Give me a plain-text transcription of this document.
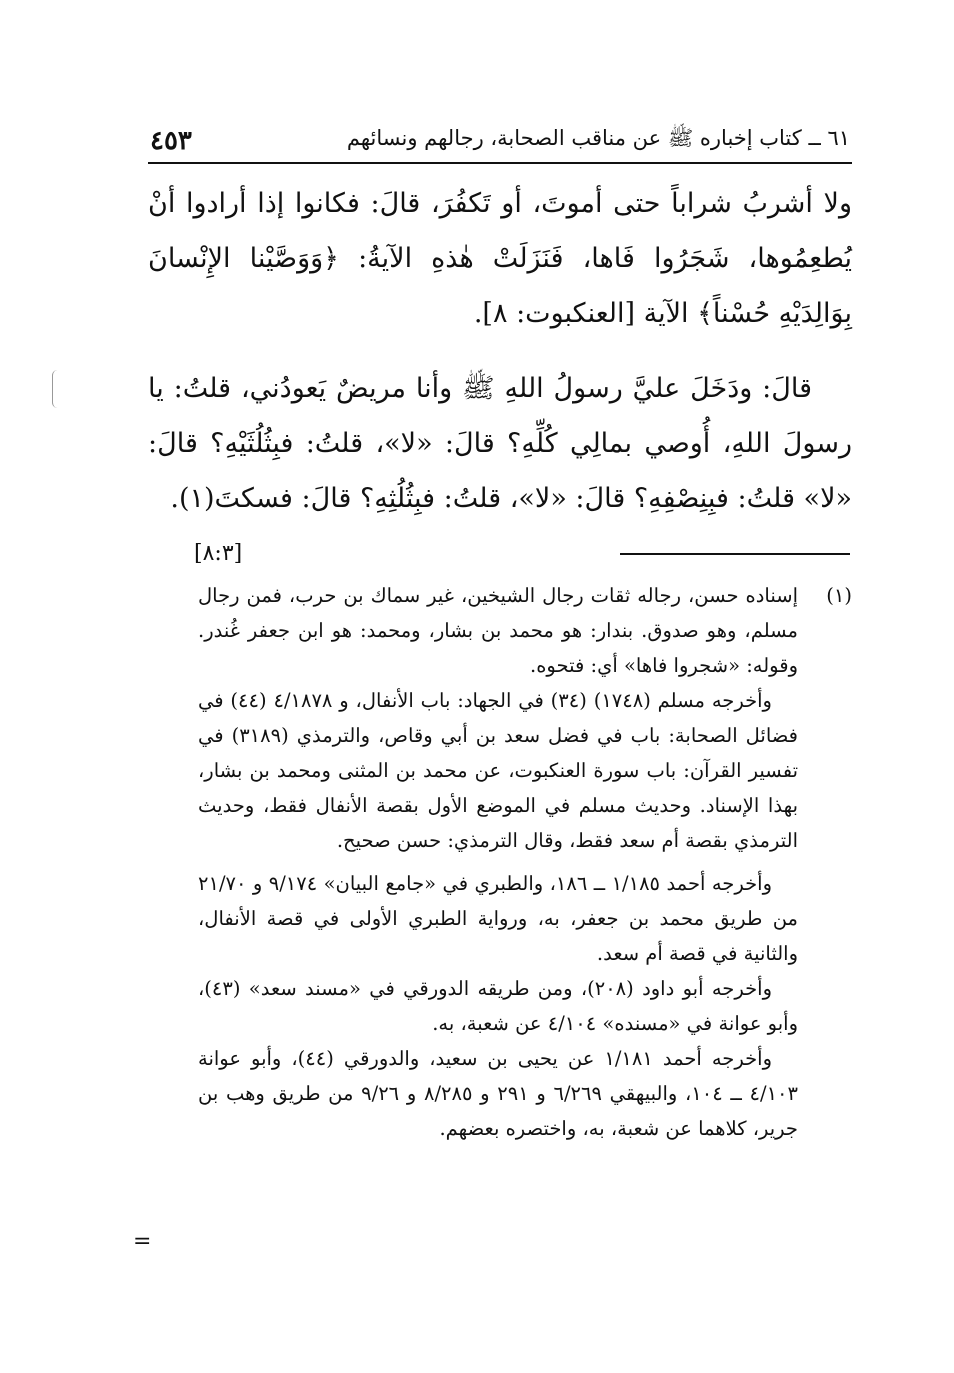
٤٥٣	٦١ ــ كتاب إخباره ﷺ عن مناقب الصحابة، رجالهم ونسائهم

ولا أشربُ شراباً حتى أموتَ، أو تَكفُرَ، قالَ: فكانوا إذا أرادوا أنْ يُطعِمُوها، شَجَرُوا فَاها، فَنَزَلَتْ هٰذهِ الآيةُ: ﴿وَوَصَّيْنا الإِنْسانَ بِوَالِدَيْهِ حُسْناً﴾ الآية [العنكبوت: ٨].

قالَ: ودَخَلَ عليَّ رسولُ اللهِ ﷺ وأنا مريضٌ يَعودُني، قلتُ: يا رسولَ اللهِ، أُوصي بمالِي كُلِّهِ؟ قالَ: «لا»، قلتُ: فبِثُلُثَيْهِ؟ قالَ: «لا» قلتُ: فبِنِصْفِهِ؟ قالَ: «لا»، قلتُ: فبِثُلُثِهِ؟ قالَ: فسكتَ(١).
[٨:٣]

(١)

إسناده حسن، رجاله ثقات رجال الشيخين، غير سماك بن حرب، فمن رجال مسلم، وهو صدوق. بندار: هو محمد بن بشار، ومحمد: هو ابن جعفر غُندر. وقوله: «شجروا فاها» أي: فتحوه.

وأخرجه مسلم (١٧٤٨) (٣٤) في الجهاد: باب الأنفال، و ٤/١٨٧٨ (٤٤) في فضائل الصحابة: باب في فضل سعد بن أبي وقاص، والترمذي (٣١٨٩) في تفسير القرآن: باب سورة العنكبوت، عن محمد بن المثنى ومحمد بن بشار، بهذا الإسناد. وحديث مسلم في الموضع الأول بقصة الأنفال فقط، وحديث الترمذي بقصة أم سعد فقط، وقال الترمذي: حسن صحيح.

وأخرجه أحمد ١/١٨٥ ــ ١٨٦، والطبري في «جامع البيان» ٩/١٧٤ و ٢١/٧٠ من طريق محمد بن جعفر، به، ورواية الطبري الأولى في قصة الأنفال، والثانية في قصة أم سعد.

وأخرجه أبو داود (٢٠٨)، ومن طريقه الدورقي في «مسند سعد» (٤٣)، وأبو عوانة في «مسنده» ٤/١٠٤ عن شعبة، به.

وأخرجه أحمد ١/١٨١ عن يحيى بن سعيد، والدورقي (٤٤)، وأبو عوانة ٤/١٠٣ ــ ١٠٤، والبيهقي ٦/٢٦٩ و ٢٩١ و ٨/٢٨٥ و ٩/٢٦ من طريق وهب بن جرير، كلاهما عن شعبة، به، واختصره بعضهم.

=
